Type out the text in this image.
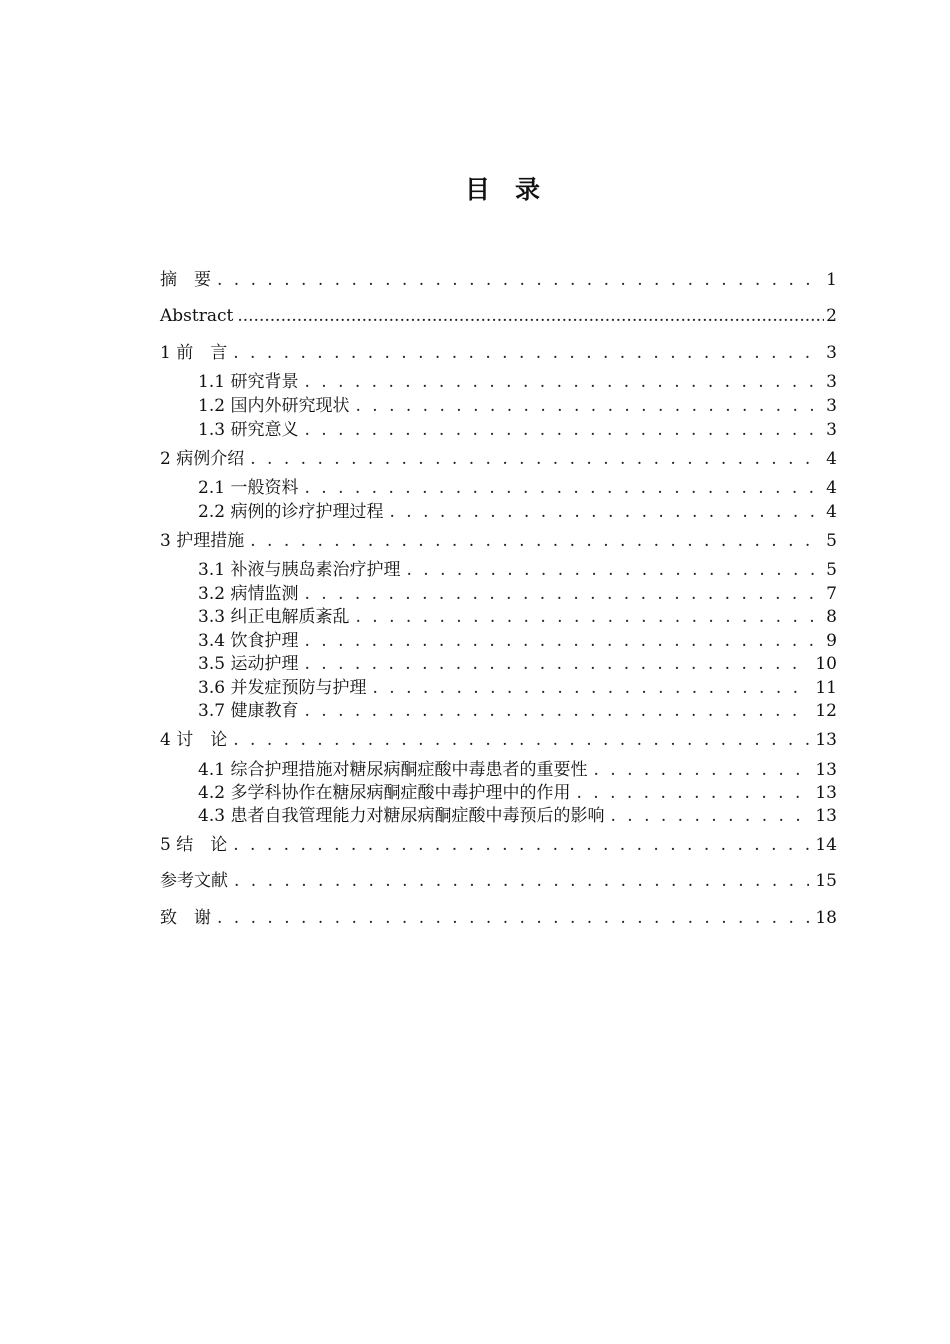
目　录
摘　要 . . .	1
Abstract .....	2
1 前　言 . . .	3
1.1 研究背景 . . .	3
1.2 国内外研究现状 . . .	3
1.3 研究意义 . . .	3
2 病例介绍 . . .	4
2.1 一般资料 . . .	4
2.2 病例的诊疗护理过程 . . .	4
3 护理措施 . . .	5
3.1 补液与胰岛素治疗护理 . . .	5
3.2 病情监测 . . .	7
3.3 纠正电解质紊乱 . . .	8
3.4 饮食护理 . . .	9
3.5 运动护理 . . .	10
3.6 并发症预防与护理 . . .	11
3.7 健康教育 . . .	12
4 讨　论 . . .	13
4.1 综合护理措施对糖尿病酮症酸中毒患者的重要性 . . .	13
4.2 多学科协作在糖尿病酮症酸中毒护理中的作用 . . .	13
4.3 患者自我管理能力对糖尿病酮症酸中毒预后的影响 . . .	13
5 结　论 . . .	14
参考文献 . . .	15
致　谢 . . .	18
